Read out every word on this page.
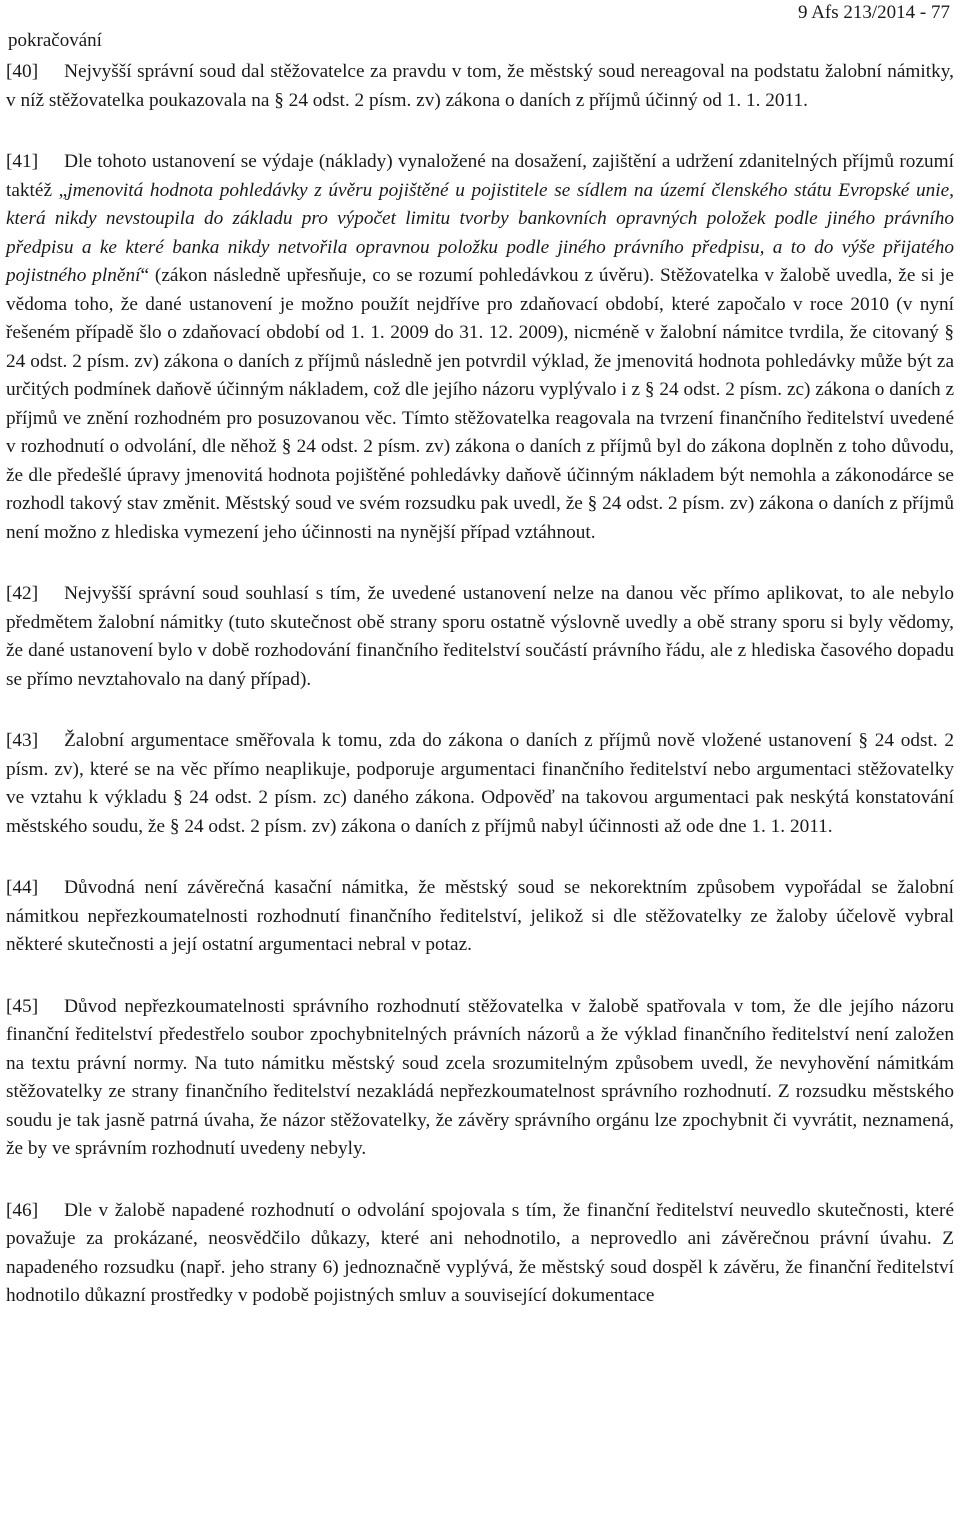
pokračování
9 Afs 213/2014 - 77

[40] Nejvyšší správní soud dal stěžovatelce za pravdu v tom, že městský soud nereagoval na podstatu žalobní námitky, v níž stěžovatelka poukazovala na § 24 odst. 2 písm. zv) zákona o daních z příjmů účinný od 1. 1. 2011.

[41] Dle tohoto ustanovení se výdaje (náklady) vynaložené na dosažení, zajištění a udržení zdanitelných příjmů rozumí taktéž „jmenovitá hodnota pohledávky z úvěru pojištěné u pojistitele se sídlem na území členského státu Evropské unie, která nikdy nevstoupila do základu pro výpočet limitu tvorby bankovních opravných položek podle jiného právního předpisu a ke které banka nikdy netvořila opravnou položku podle jiného právního předpisu, a to do výše přijatého pojistného plnění“ (zákon následně upřesňuje, co se rozumí pohledávkou z úvěru). Stěžovatelka v žalobě uvedla, že si je vědoma toho, že dané ustanovení je možno použít nejdříve pro zdaňovací období, které započalo v roce 2010 (v nyní řešeném případě šlo o zdaňovací období od 1. 1. 2009 do 31. 12. 2009), nicméně v žalobní námitce tvrdila, že citovaný § 24 odst. 2 písm. zv) zákona o daních z příjmů následně jen potvrdil výklad, že jmenovitá hodnota pohledávky může být za určitých podmínek daňově účinným nákladem, což dle jejího názoru vyplývalo i z § 24 odst. 2 písm. zc) zákona o daních z příjmů ve znění rozhodném pro posuzovanou věc. Tímto stěžovatelka reagovala na tvrzení finančního ředitelství uvedené v rozhodnutí o odvolání, dle něhož § 24 odst. 2 písm. zv) zákona o daních z příjmů byl do zákona doplněn z toho důvodu, že dle předešlé úpravy jmenovitá hodnota pojištěné pohledávky daňově účinným nákladem být nemohla a zákonodárce se rozhodl takový stav změnit. Městský soud ve svém rozsudku pak uvedl, že § 24 odst. 2 písm. zv) zákona o daních z příjmů není možno z hlediska vymezení jeho účinnosti na nynější případ vztáhnout.

[42] Nejvyšší správní soud souhlasí s tím, že uvedené ustanovení nelze na danou věc přímo aplikovat, to ale nebylo předmětem žalobní námitky (tuto skutečnost obě strany sporu ostatně výslovně uvedly a obě strany sporu si byly vědomy, že dané ustanovení bylo v době rozhodování finančního ředitelství součástí právního řádu, ale z hlediska časového dopadu se přímo nevztahovalo na daný případ).

[43] Žalobní argumentace směřovala k tomu, zda do zákona o daních z příjmů nově vložené ustanovení § 24 odst. 2 písm. zv), které se na věc přímo neaplikuje, podporuje argumentaci finančního ředitelství nebo argumentaci stěžovatelky ve vztahu k výkladu § 24 odst. 2 písm. zc) daného zákona. Odpověď na takovou argumentaci pak neskýtá konstatování městského soudu, že § 24 odst. 2 písm. zv) zákona o daních z příjmů nabyl účinnosti až ode dne 1. 1. 2011.

[44] Důvodná není závěrečná kasační námitka, že městský soud se nekorektním způsobem vypořádal se žalobní námitkou nepřezkoumatelnosti rozhodnutí finančního ředitelství, jelikož si dle stěžovatelky ze žaloby účelově vybral některé skutečnosti a její ostatní argumentaci nebral v potaz.

[45] Důvod nepřezkoumatelnosti správního rozhodnutí stěžovatelka v žalobě spatřovala v tom, že dle jejího názoru finanční ředitelství předestřelo soubor zpochybnitelných právních názorů a že výklad finančního ředitelství není založen na textu právní normy. Na tuto námitku městský soud zcela srozumitelným způsobem uvedl, že nevyhovění námitkám stěžovatelky ze strany finančního ředitelství nezakládá nepřezkoumatelnost správního rozhodnutí. Z rozsudku městského soudu je tak jasně patrná úvaha, že názor stěžovatelky, že závěry správního orgánu lze zpochybnit či vyvrátit, neznamená, že by ve správním rozhodnutí uvedeny nebyly.

[46] Dle v žalobě napadené rozhodnutí o odvolání spojovala s tím, že finanční ředitelství neuvedlo skutečnosti, které považuje za prokázané, neosvědčilo důkazy, které ani nehodnotilo, a neprovedlo ani závěrečnou právní úvahu. Z napadeného rozsudku (např. jeho strany 6) jednoznačně vyplývá, že městský soud dospěl k závěru, že finanční ředitelství hodnotilo důkazní prostředky v podobě pojistných smluv a související dokumentace
